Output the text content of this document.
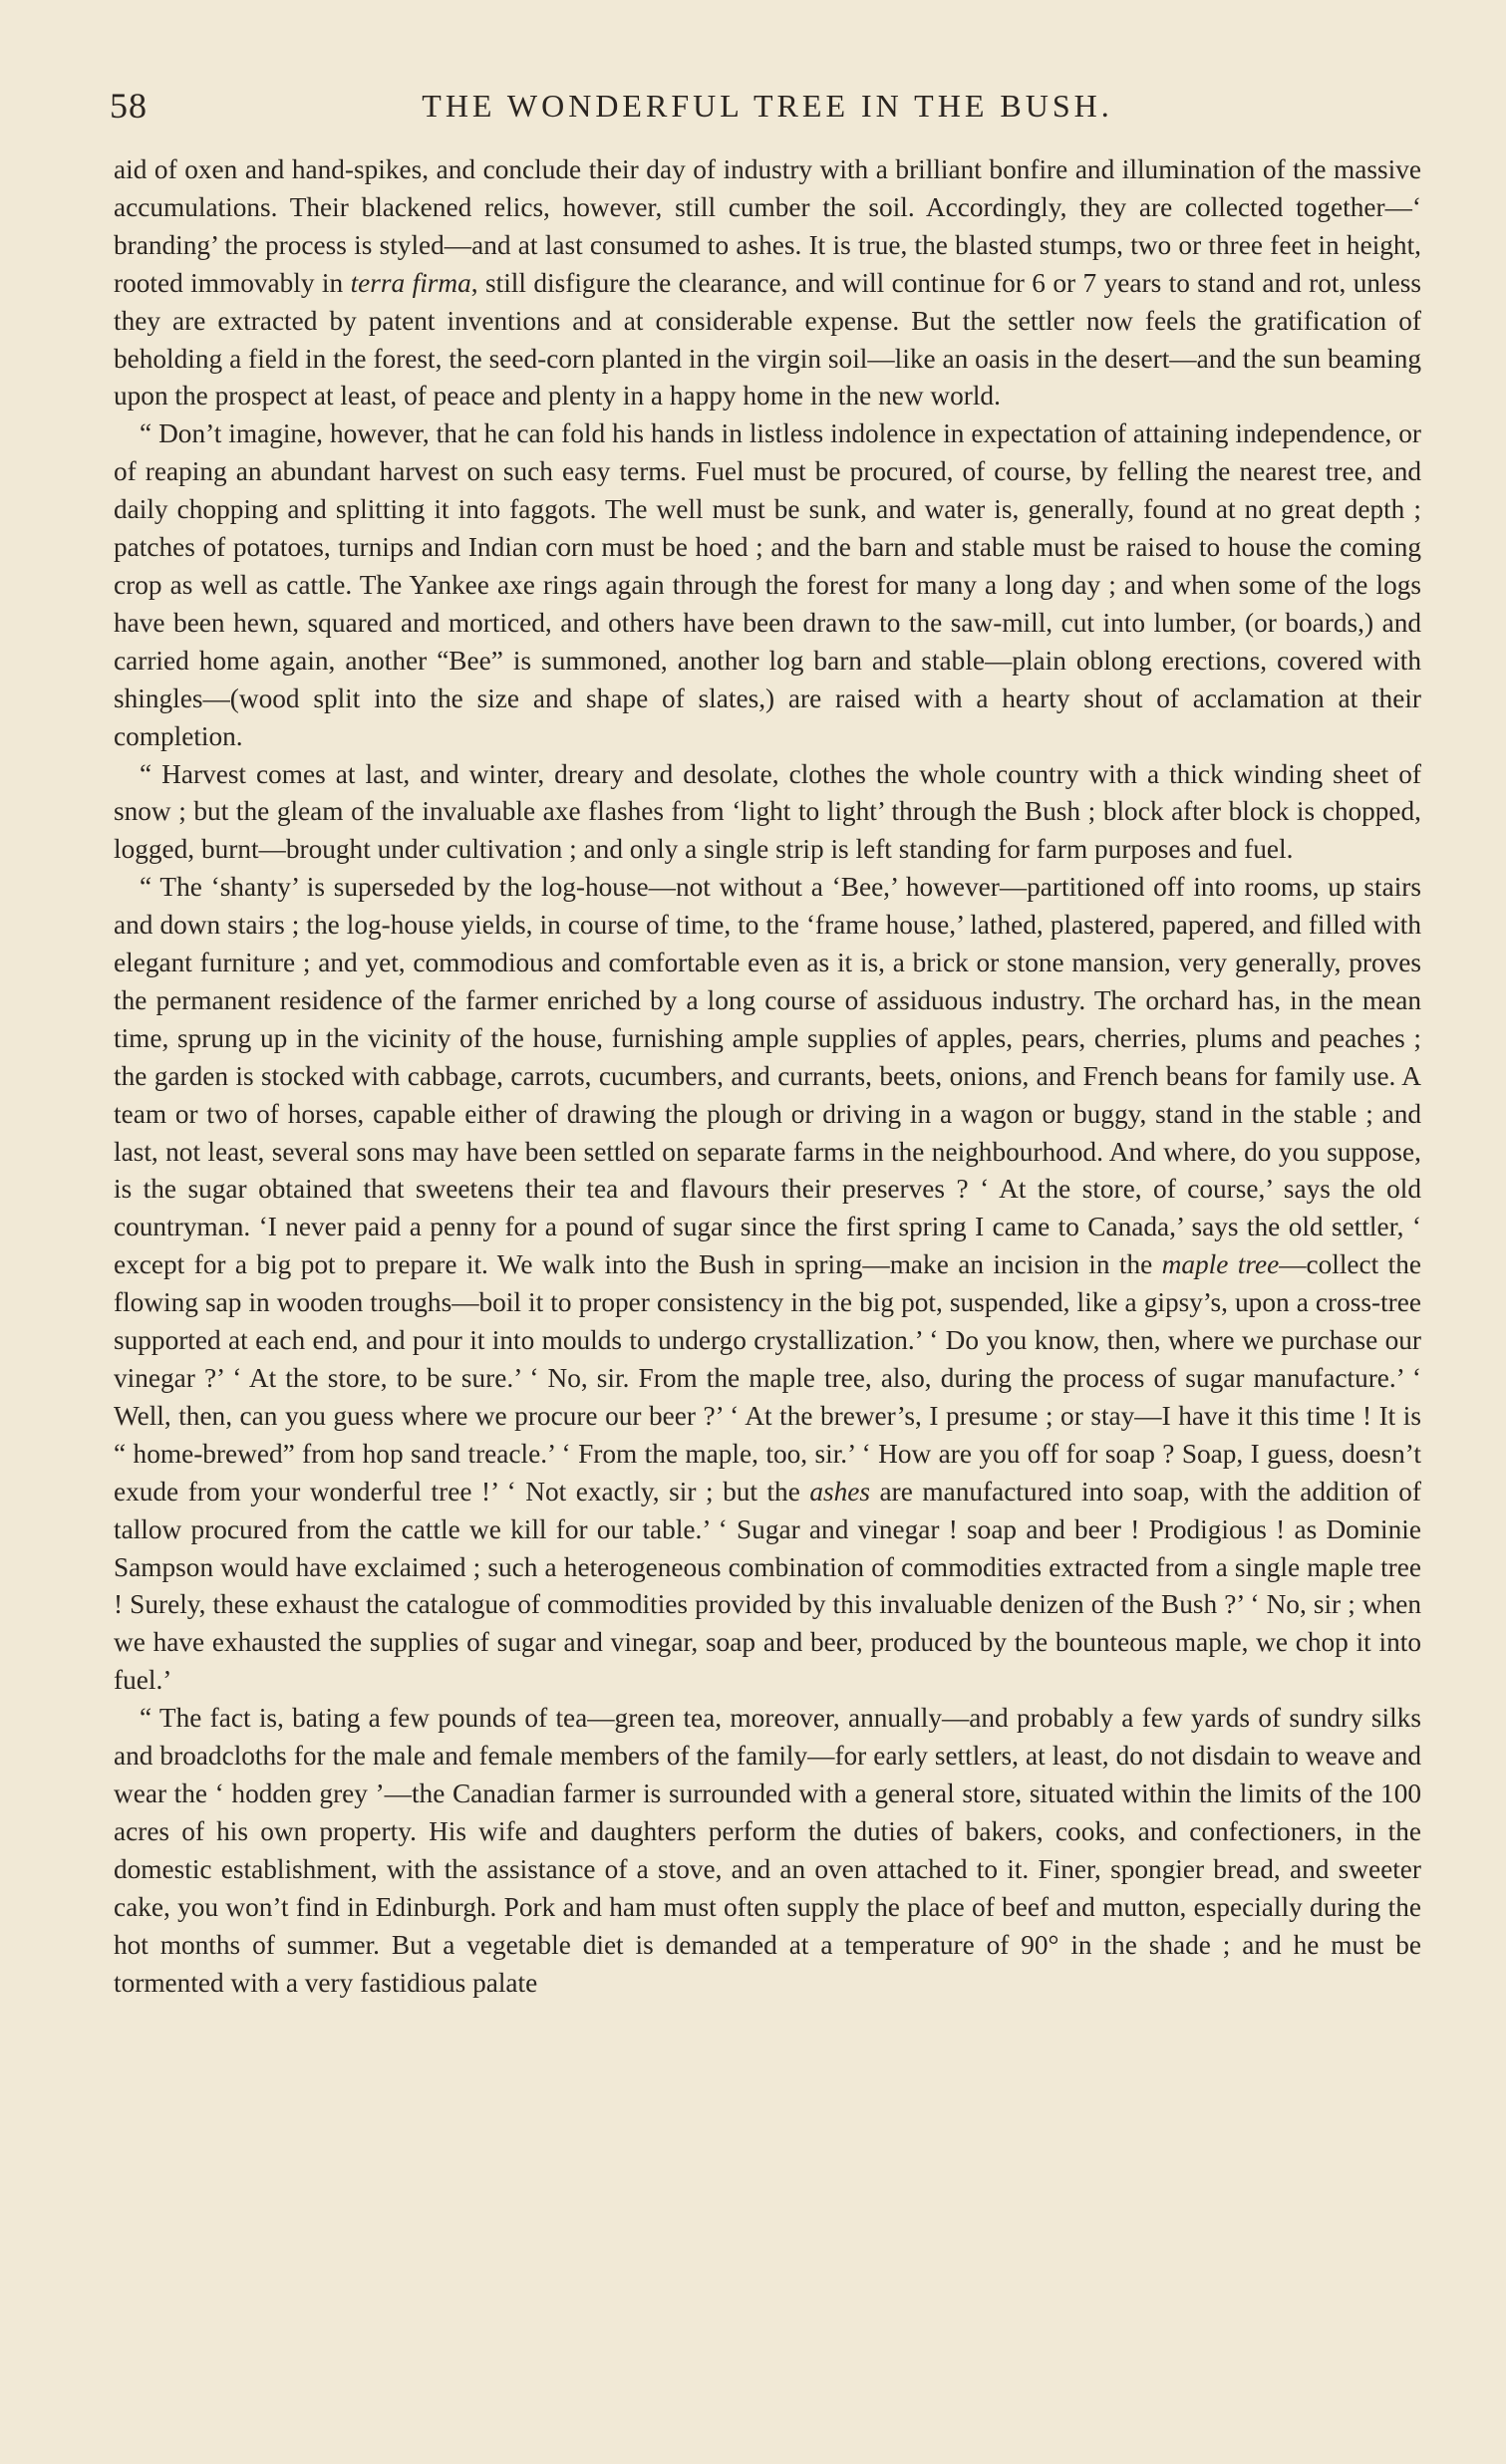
58	THE WONDERFUL TREE IN THE BUSH.

aid of oxen and hand-spikes, and conclude their day of industry with a brilliant bonfire and illumination of the massive accumulations. Their blackened relics, however, still cumber the soil. Accordingly, they are collected together—‘ branding’ the process is styled—and at last consumed to ashes. It is true, the blasted stumps, two or three feet in height, rooted immovably in terra firma, still disfigure the clearance, and will continue for 6 or 7 years to stand and rot, unless they are extracted by patent inventions and at considerable expense. But the settler now feels the gratification of beholding a field in the forest, the seed-corn planted in the virgin soil—like an oasis in the desert—and the sun beaming upon the prospect at least, of peace and plenty in a happy home in the new world.

“ Don’t imagine, however, that he can fold his hands in listless indolence in expectation of attaining independence, or of reaping an abundant harvest on such easy terms. Fuel must be procured, of course, by felling the nearest tree, and daily chopping and splitting it into faggots. The well must be sunk, and water is, generally, found at no great depth ; patches of potatoes, turnips and Indian corn must be hoed ; and the barn and stable must be raised to house the coming crop as well as cattle. The Yankee axe rings again through the forest for many a long day ; and when some of the logs have been hewn, squared and morticed, and others have been drawn to the saw-mill, cut into lumber, (or boards,) and carried home again, another “Bee” is summoned, another log barn and stable—plain oblong erections, covered with shingles—(wood split into the size and shape of slates,) are raised with a hearty shout of acclamation at their completion.

“ Harvest comes at last, and winter, dreary and desolate, clothes the whole country with a thick winding sheet of snow ; but the gleam of the invaluable axe flashes from ‘light to light’ through the Bush ; block after block is chopped, logged, burnt—brought under cultivation ; and only a single strip is left standing for farm purposes and fuel.

“ The ‘shanty’ is superseded by the log-house—not without a ‘Bee,’ however—partitioned off into rooms, up stairs and down stairs ; the log-house yields, in course of time, to the ‘frame house,’ lathed, plastered, papered, and filled with elegant furniture ; and yet, commodious and comfortable even as it is, a brick or stone mansion, very generally, proves the permanent residence of the farmer enriched by a long course of assiduous industry. The orchard has, in the mean time, sprung up in the vicinity of the house, furnishing ample supplies of apples, pears, cherries, plums and peaches ; the garden is stocked with cabbage, carrots, cucumbers, and currants, beets, onions, and French beans for family use. A team or two of horses, capable either of drawing the plough or driving in a wagon or buggy, stand in the stable ; and last, not least, several sons may have been settled on separate farms in the neighbourhood. And where, do you suppose, is the sugar obtained that sweetens their tea and flavours their preserves ? ‘ At the store, of course,’ says the old countryman. ‘I never paid a penny for a pound of sugar since the first spring I came to Canada,’ says the old settler, ‘ except for a big pot to prepare it. We walk into the Bush in spring—make an incision in the maple tree—collect the flowing sap in wooden troughs—boil it to proper consistency in the big pot, suspended, like a gipsy’s, upon a cross-tree supported at each end, and pour it into moulds to undergo crystallization.’ ‘ Do you know, then, where we purchase our vinegar ?’ ‘ At the store, to be sure.’ ‘ No, sir. From the maple tree, also, during the process of sugar manufacture.’ ‘ Well, then, can you guess where we procure our beer ?’ ‘ At the brewer’s, I presume ; or stay—I have it this time ! It is “ home-brewed” from hop sand treacle.’ ‘ From the maple, too, sir.’ ‘ How are you off for soap ? Soap, I guess, doesn’t exude from your wonderful tree !’ ‘ Not exactly, sir ; but the ashes are manufactured into soap, with the addition of tallow procured from the cattle we kill for our table.’ ‘ Sugar and vinegar ! soap and beer ! Prodigious ! as Dominie Sampson would have exclaimed ; such a heterogeneous combination of commodities extracted from a single maple tree ! Surely, these exhaust the catalogue of commodities provided by this invaluable denizen of the Bush ?’ ‘ No, sir ; when we have exhausted the supplies of sugar and vinegar, soap and beer, produced by the bounteous maple, we chop it into fuel.’

“ The fact is, bating a few pounds of tea—green tea, moreover, annually—and probably a few yards of sundry silks and broadcloths for the male and female members of the family—for early settlers, at least, do not disdain to weave and wear the ‘ hodden grey ’—the Canadian farmer is surrounded with a general store, situated within the limits of the 100 acres of his own property. His wife and daughters perform the duties of bakers, cooks, and confectioners, in the domestic establishment, with the assistance of a stove, and an oven attached to it. Finer, spongier bread, and sweeter cake, you won’t find in Edinburgh. Pork and ham must often supply the place of beef and mutton, especially during the hot months of summer. But a vegetable diet is demanded at a temperature of 90° in the shade ; and he must be tormented with a very fastidious palate
